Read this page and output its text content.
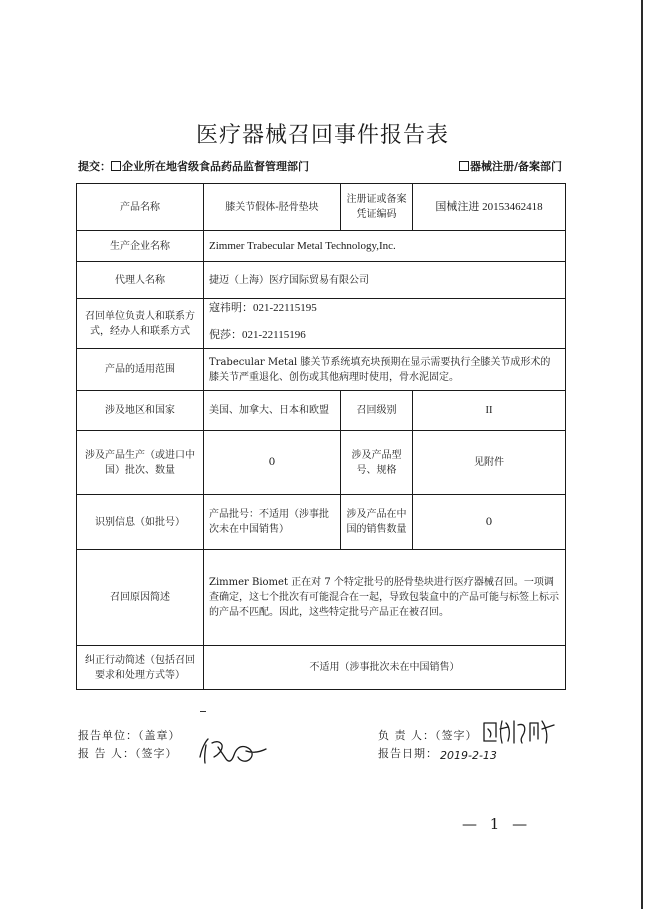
医疗器械召回事件报告表
提交： 企业所在地省级食品药品监督管理部门	器械注册/备案部门
产品名称	膝关节假体-胫骨垫块	注册证或备案凭证编码	国械注进 20153462418
生产企业名称	Zimmer Trabecular Metal Technology,Inc.		
代理人名称	捷迈（上海）医疗国际贸易有限公司		
召回单位负责人和联系方式，经办人和联系方式	寇祎明：021-22115195
倪莎：021-22115196		

产品的适用范围	Trabecular Metal 膝关节系统填充块预期在显示需要执行全膝关节成形术的膝关节严重退化、创伤或其他病理时使用，骨水泥固定。		
涉及地区和国家	美国、加拿大、日本和欧盟	召回级别	II
涉及产品生产（或进口中国）批次、数量	0	涉及产品型号、规格	见附件
识别信息（如批号）	产品批号：不适用（涉事批次未在中国销售）	涉及产品在中国的销售数量	0
召回原因简述	Zimmer Biomet 正在对 7 个特定批号的胫骨垫块进行医疗器械召回。一项调查确定，这七个批次有可能混合在一起，导致包装盒中的产品可能与标签上标示的产品不匹配。因此，这些特定批号产品正在被召回。		
纠正行动简述（包括召回要求和处理方式等）	不适用（涉事批次未在中国销售）		
报告单位：（盖章）
报 告 人：（签字）
负 责 人：（签字）
报告日期： 2019-2-13
— 1 —
